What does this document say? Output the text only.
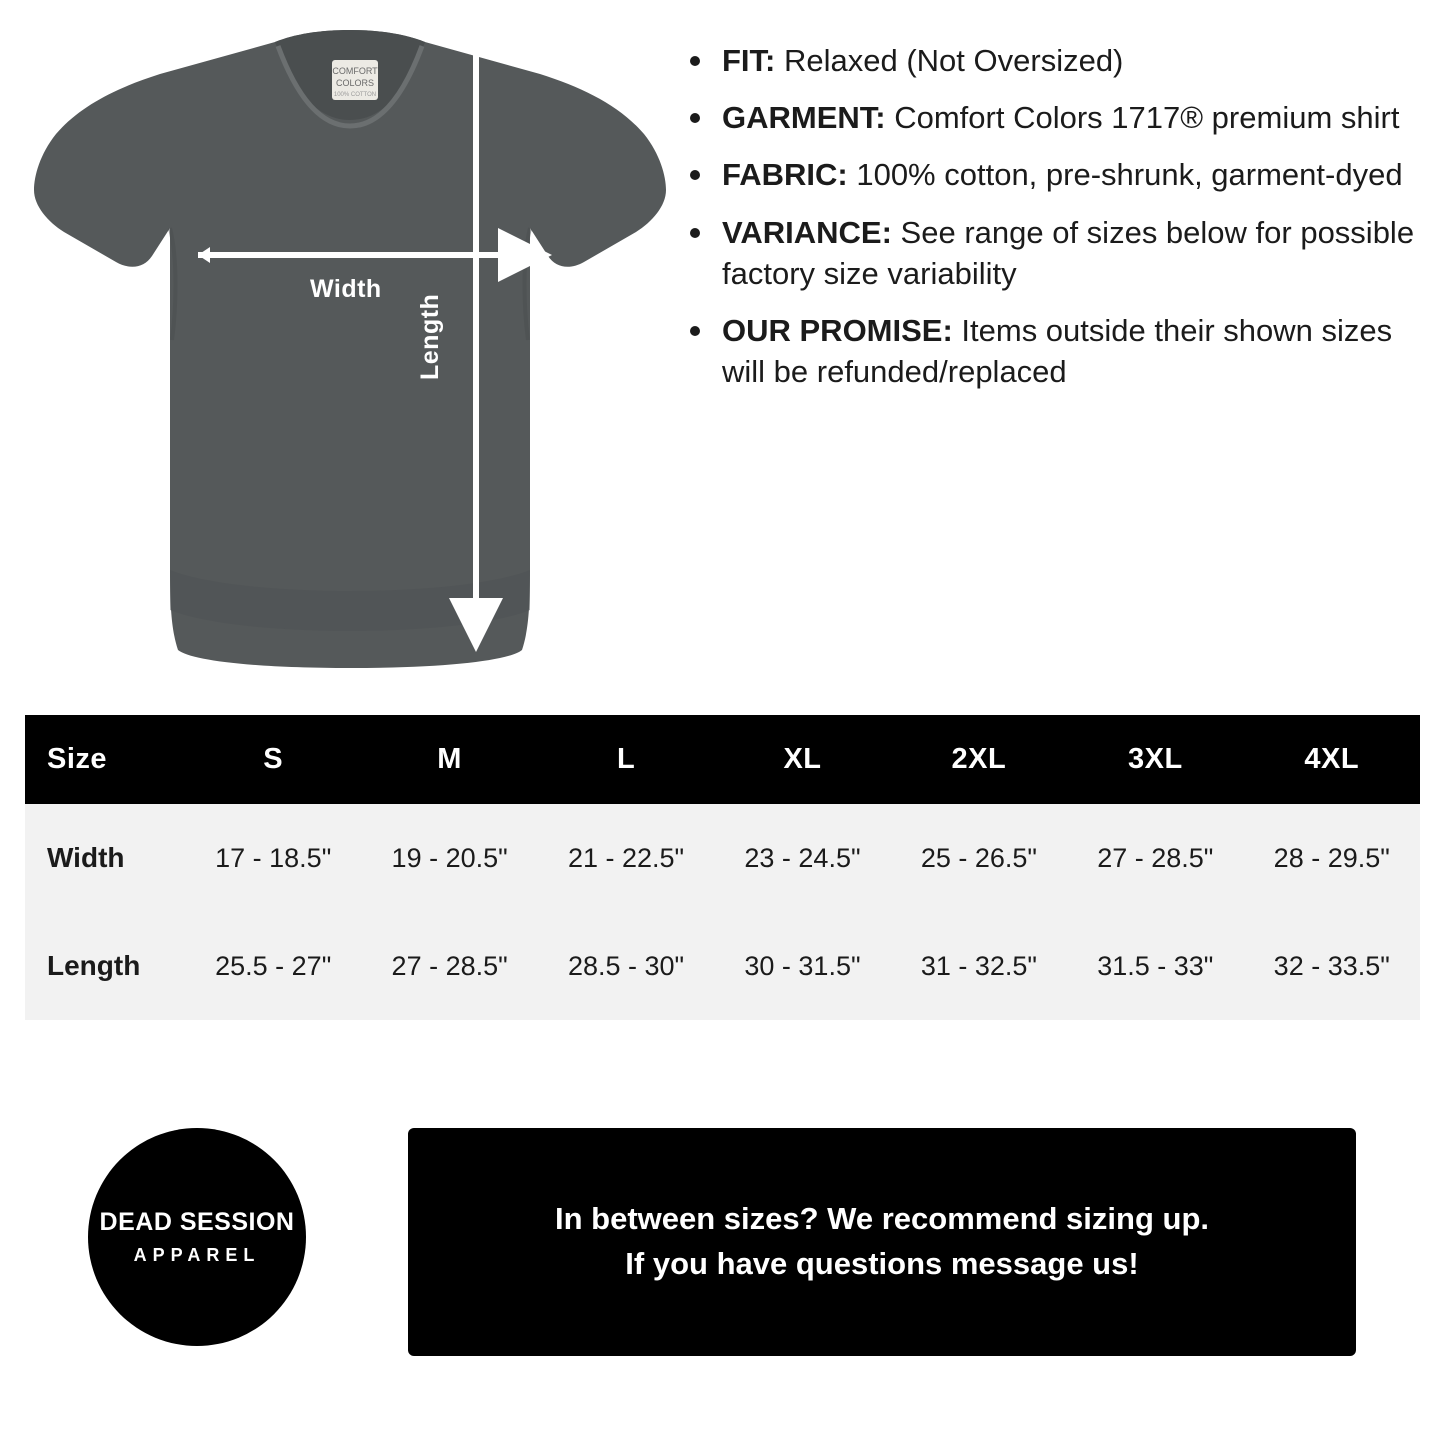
COMFORT
COLORS
100% COTTON
Width
Length
FIT: Relaxed (Not Oversized)
GARMENT: Comfort Colors 1717® premium shirt
FABRIC: 100% cotton, pre-shrunk, garment-dyed
VARIANCE: See range of sizes below for possible factory size variability
OUR PROMISE: Items outside their shown sizes will be refunded/replaced
Size	S	M	L	XL	2XL	3XL	4XL
Width	17 - 18.5"	19 - 20.5"	21 - 22.5"	23 - 24.5"	25 - 26.5"	27 - 28.5"	28 - 29.5"
Length	25.5 - 27"	27 - 28.5"	28.5 - 30"	30 - 31.5"	31 - 32.5"	31.5 - 33"	32 - 33.5"
DEAD SESSION
APPAREL
In between sizes? We recommend sizing up.
If you have questions message us!
